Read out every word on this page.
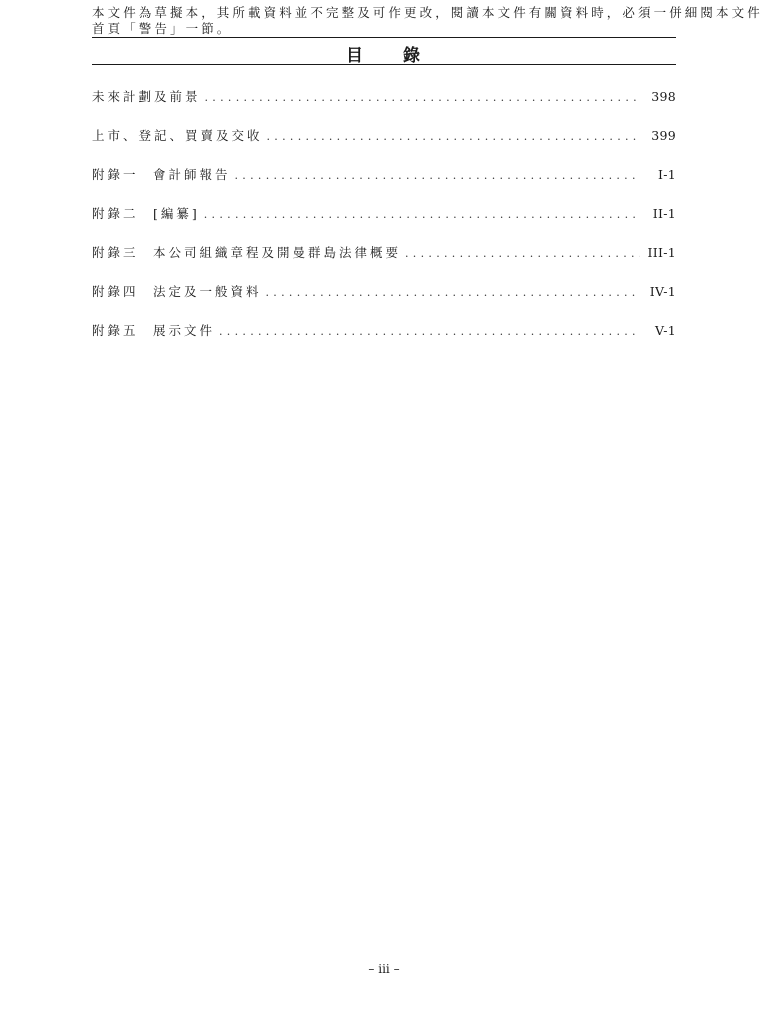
本文件為草擬本，其所載資料並不完整及可作更改，閱讀本文件有關資料時，必須一併細閱本文件
首頁「警告」一節。
目 錄
未來計劃及前景 . . .	398
上市、登記、買賣及交收 . . .	399
附錄一	會計師報告 . . .	I-1
附錄二	[編纂] . . .	II-1
附錄三	本公司組織章程及開曼群島法律概要 . . .	III-1
附錄四	法定及一般資料 . . .	IV-1
附錄五	展示文件 . . .	V-1
– iii –
